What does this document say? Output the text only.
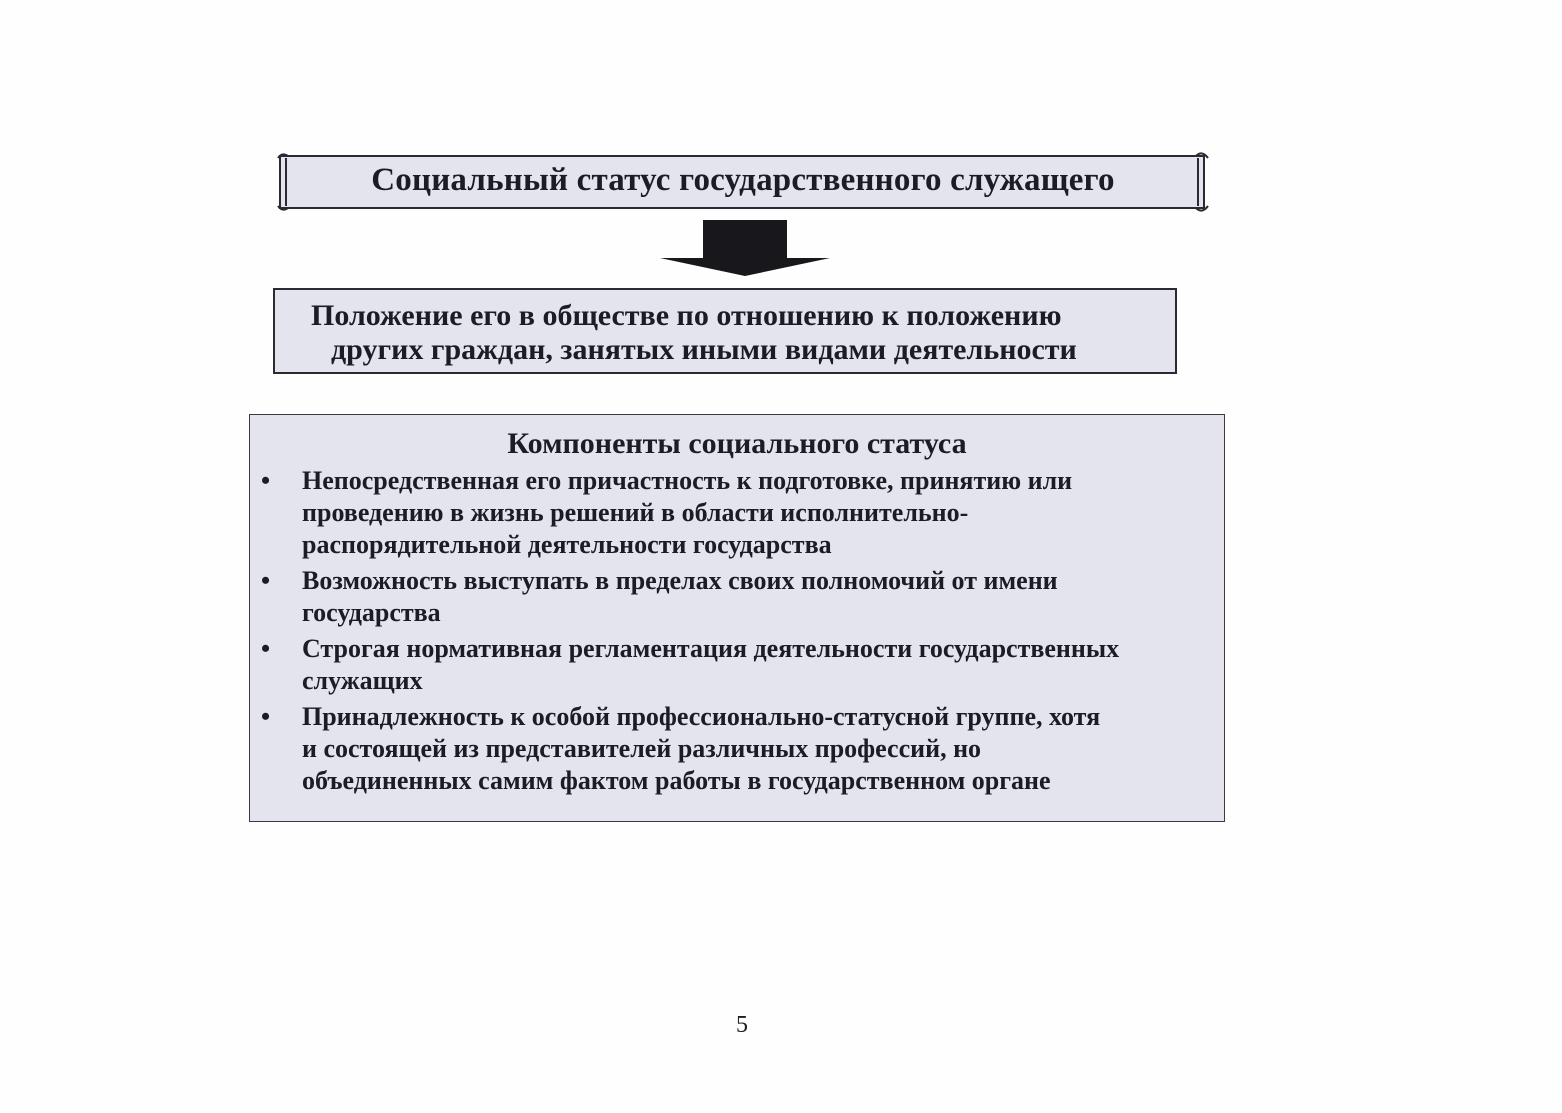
Социальный статус государственного служащего
Положение его в обществе по отношению к положению
других граждан, занятых иными видами деятельности
Компоненты социального статуса
• Непосредственная его причастность к подготовке, принятию или
проведению в жизнь решений в области исполнительно-
распорядительной деятельности государства
• Возможность выступать в пределах своих полномочий от имени
государства
• Строгая нормативная регламентация деятельности государственных
служащих
• Принадлежность к особой профессионально-статусной группе, хотя
и состоящей из представителей различных профессий, но
объединенных самим фактом работы в государственном органе
5
